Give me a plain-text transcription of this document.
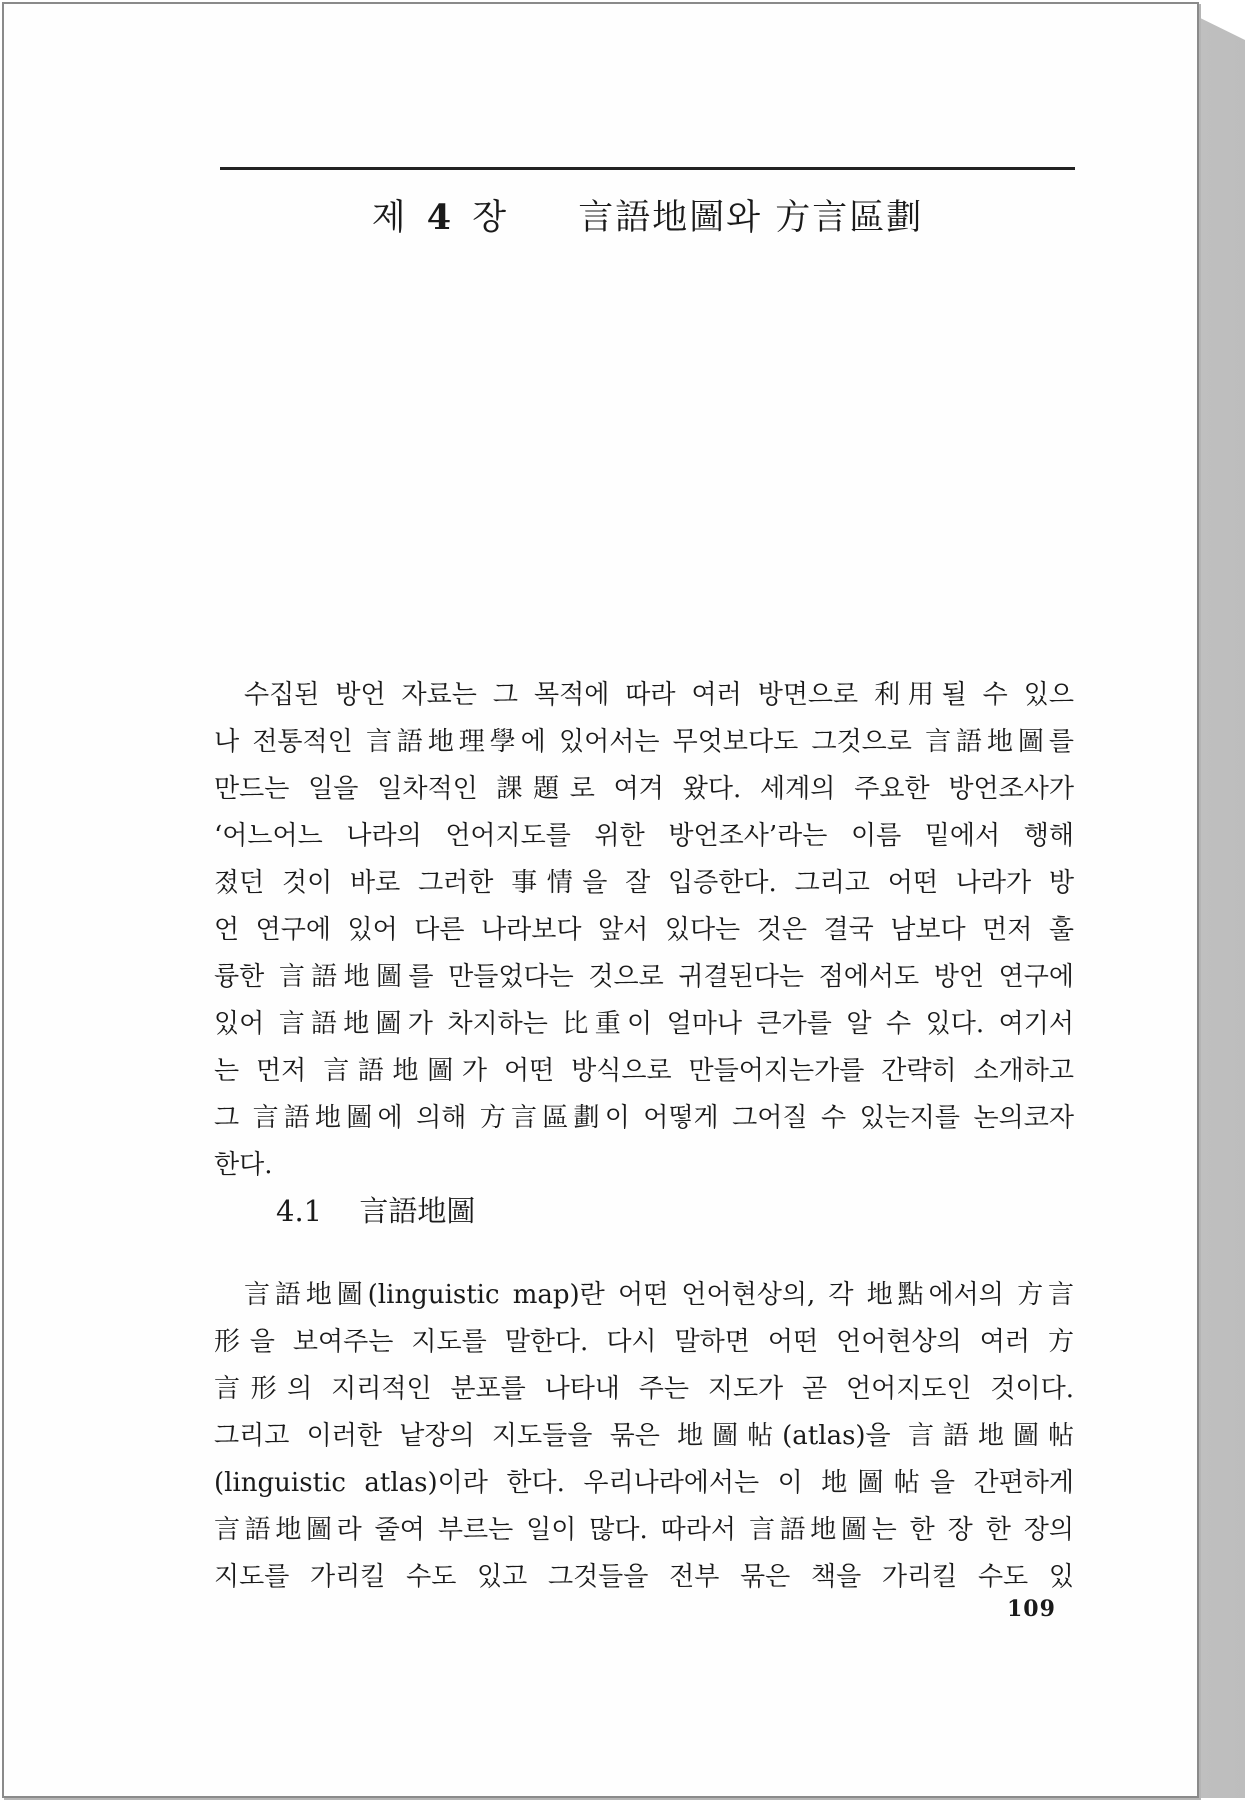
제 4 장 言語地圖와 方言區劃
수집된 방언 자료는 그 목적에 따라 여러 방면으로 利用될 수 있으
나 전통적인 言語地理學에 있어서는 무엇보다도 그것으로 言語地圖를
만드는 일을 일차적인 課題로 여겨 왔다. 세계의 주요한 방언조사가
‘어느어느 나라의 언어지도를 위한 방언조사’라는 이름 밑에서 행해
졌던 것이 바로 그러한 事情을 잘 입증한다. 그리고 어떤 나라가 방
언 연구에 있어 다른 나라보다 앞서 있다는 것은 결국 남보다 먼저 훌
륭한 言語地圖를 만들었다는 것으로 귀결된다는 점에서도 방언 연구에
있어 言語地圖가 차지하는 比重이 얼마나 큰가를 알 수 있다. 여기서
는 먼저 言語地圖가 어떤 방식으로 만들어지는가를 간략히 소개하고
그 言語地圖에 의해 方言區劃이 어떻게 그어질 수 있는지를 논의코자
한다.
4.1 言語地圖
言語地圖(linguistic map)란 어떤 언어현상의, 각 地點에서의 方言
形을 보여주는 지도를 말한다. 다시 말하면 어떤 언어현상의 여러 方
言形의 지리적인 분포를 나타내 주는 지도가 곧 언어지도인 것이다.
그리고 이러한 낱장의 지도들을 묶은 地圖帖(atlas)을 言語地圖帖
(linguistic atlas)이라 한다. 우리나라에서는 이 地圖帖을 간편하게
言語地圖라 줄여 부르는 일이 많다. 따라서 言語地圖는 한 장 한 장의
지도를 가리킬 수도 있고 그것들을 전부 묶은 책을 가리킬 수도 있
109
